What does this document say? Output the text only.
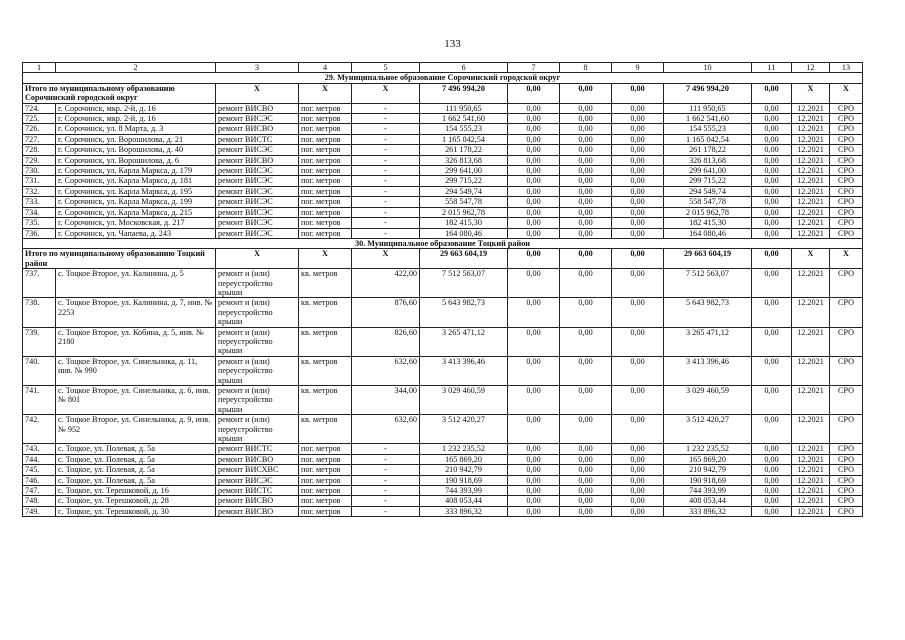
133
1	2	3	4	5	6	7	8	9	10	11	12	13
29. Муниципальное образование Сорочинский городской округ												
Итого по муниципальному образованию Сорочинский городской округ		X	X	X	7 496 994,20	0,00	0,00	0,00	7 496 994,20	0,00	X	X
724.	г. Сорочинск, мкр. 2-й, д. 16	ремонт ВИСВО	пог. метров	-	111 950,65	0,00	0,00	0,00	111 950,65	0,00	12.2021	СРО
725.	г. Сорочинск, мкр. 2-й, д. 16	ремонт ВИСЭС	пог. метров	-	1 662 541,60	0,00	0,00	0,00	1 662 541,60	0,00	12.2021	СРО
726.	г. Сорочинск, ул. 8 Марта, д. 3	ремонт ВИСВО	пог. метров	-	154 555,23	0,00	0,00	0,00	154 555,23	0,00	12.2021	СРО
727.	г. Сорочинск, ул. Ворошилова, д. 21	ремонт ВИСТС	пог. метров	-	1 165 042,54	0,00	0,00	0,00	1 165 042,54	0,00	12.2021	СРО
728.	г. Сорочинск, ул. Ворошилова, д. 40	ремонт ВИСЭС	пог. метров	-	261 178,22	0,00	0,00	0,00	261 178,22	0,00	12.2021	СРО
729.	г. Сорочинск, ул. Ворошилова, д. 6	ремонт ВИСВО	пог. метров	-	326 813,68	0,00	0,00	0,00	326 813,68	0,00	12.2021	СРО
730.	г. Сорочинск, ул. Карла Маркса, д. 179	ремонт ВИСЭС	пог. метров	-	299 641,00	0,00	0,00	0,00	299 641,00	0,00	12.2021	СРО
731.	г. Сорочинск, ул. Карла Маркса, д. 181	ремонт ВИСЭС	пог. метров	-	299 715,22	0,00	0,00	0,00	299 715,22	0,00	12.2021	СРО
732.	г. Сорочинск, ул. Карла Маркса, д. 195	ремонт ВИСЭС	пог. метров	-	294 549,74	0,00	0,00	0,00	294 549,74	0,00	12.2021	СРО
733.	г. Сорочинск, ул. Карла Маркса, д. 199	ремонт ВИСЭС	пог. метров	-	558 547,78	0,00	0,00	0,00	558 547,78	0,00	12.2021	СРО
734.	г. Сорочинск, ул. Карла Маркса, д. 215	ремонт ВИСЭС	пог. метров	-	2 015 962,78	0,00	0,00	0,00	2 015 962,78	0,00	12.2021	СРО
735.	г. Сорочинск, ул. Московская, д. 217	ремонт ВИСЭС	пог. метров	-	182 415,30	0,00	0,00	0,00	182 415,30	0,00	12.2021	СРО
736.	г. Сорочинск, ул. Чапаева, д. 243	ремонт ВИСЭС	пог. метров	-	164 080,46	0,00	0,00	0,00	164 080,46	0,00	12.2021	СРО
30. Муниципальное образование Тоцкий район												
Итого по муниципальному образованию Тоцкий район		X	X	X	29 663 604,19	0,00	0,00	0,00	29 663 604,19	0,00	X	X
737.	с. Тоцкое Второе, ул. Калинина, д. 5	ремонт и (или) переустройство крыши	кв. метров	422,00	7 512 563,07	0,00	0,00	0,00	7 512 563,07	0,00	12.2021	СРО
738.	с. Тоцкое Второе, ул. Калинина, д. 7, инв. № 2253	ремонт и (или) переустройство крыши	кв. метров	876,60	5 643 982,73	0,00	0,00	0,00	5 643 982,73	0,00	12.2021	СРО
739.	с. Тоцкое Второе, ул. Кобина, д. 5, инв. № 2180	ремонт и (или) переустройство крыши	кв. метров	826,60	3 265 471,12	0,00	0,00	0,00	3 265 471,12	0,00	12.2021	СРО
740.	с. Тоцкое Второе, ул. Синельника, д. 11, инв. № 990	ремонт и (или) переустройство крыши	кв. метров	632,60	3 413 396,46	0,00	0,00	0,00	3 413 396,46	0,00	12.2021	СРО
741.	с. Тоцкое Второе, ул. Синельника, д. 6, инв. № 801	ремонт и (или) переустройство крыши	кв. метров	344,00	3 029 460,59	0,00	0,00	0,00	3 029 460,59	0,00	12.2021	СРО
742.	с. Тоцкое Второе, ул. Синельника, д. 9, инв. № 952	ремонт и (или) переустройство крыши	кв. метров	632,60	3 512 420,27	0,00	0,00	0,00	3 512 420,27	0,00	12.2021	СРО
743.	с. Тоцкое, ул. Полевая, д. 5а	ремонт ВИСТС	пог. метров	-	1 232 235,52	0,00	0,00	0,00	1 232 235,52	0,00	12.2021	СРО
744.	с. Тоцкое, ул. Полевая, д. 5а	ремонт ВИСВО	пог. метров	-	165 869,20	0,00	0,00	0,00	165 869,20	0,00	12.2021	СРО
745.	с. Тоцкое, ул. Полевая, д. 5а	ремонт ВИСХВС	пог. метров	-	210 942,79	0,00	0,00	0,00	210 942,79	0,00	12.2021	СРО
746.	с. Тоцкое, ул. Полевая, д. 5а	ремонт ВИСЭС	пог. метров	-	190 918,69	0,00	0,00	0,00	190 918,69	0,00	12.2021	СРО
747.	с. Тоцкое, ул. Терешковой, д. 16	ремонт ВИСТС	пог. метров	-	744 393,99	0,00	0,00	0,00	744 393,99	0,00	12.2021	СРО
748.	с. Тоцкое, ул. Терешковой, д. 28	ремонт ВИСВО	пог. метров	-	408 053,44	0,00	0,00	0,00	408 053,44	0,00	12.2021	СРО
749.	с. Тоцкое, ул. Терешковой, д. 30	ремонт ВИСВО	пог. метров	-	333 896,32	0,00	0,00	0,00	333 896,32	0,00	12.2021	СРО
